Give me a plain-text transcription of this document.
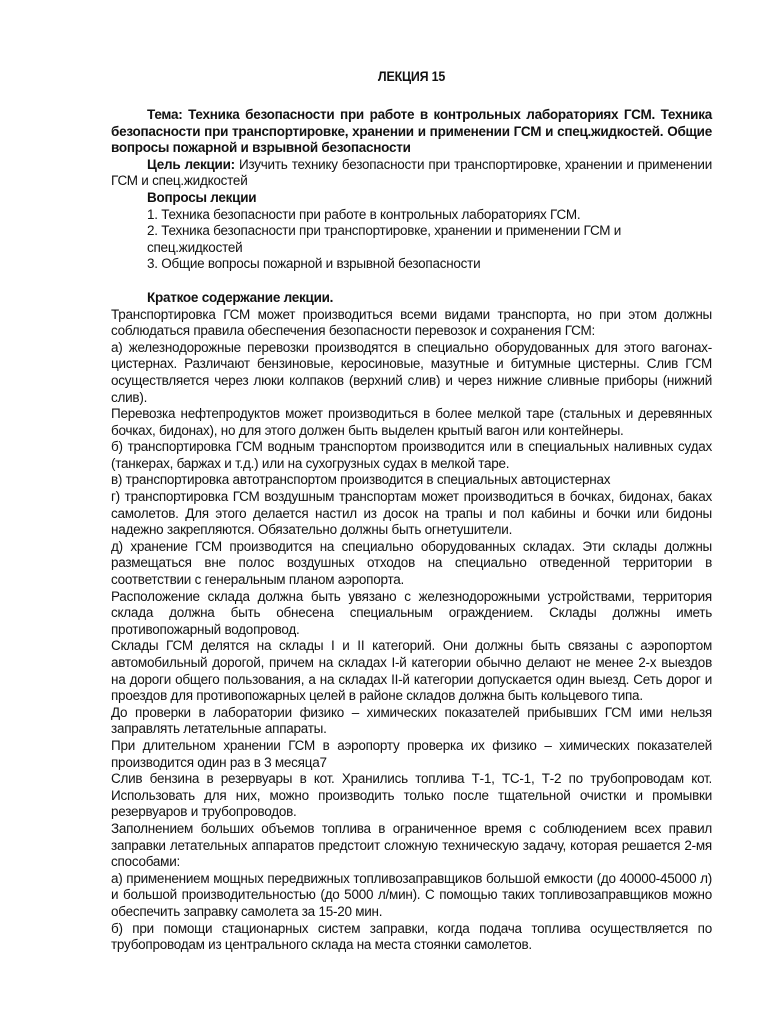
ЛЕКЦИЯ 15

Тема: Техника безопасности при работе в контрольных лабораториях ГСМ. Техника безопасности при транспортировке, хранении и применении ГСМ и спец.жидкостей. Общие вопросы пожарной и взрывной безопасности

Цель лекции: Изучить технику безопасности при транспортировке, хранении и применении ГСМ и спец.жидкостей

Вопросы лекции

1. Техника безопасности при работе в контрольных лабораториях ГСМ.

2. Техника безопасности при транспортировке, хранении и применении ГСМ и спец.жидкостей

3. Общие вопросы пожарной и взрывной безопасности

Краткое содержание лекции.

Транспортировка ГСМ может производиться всеми видами транспорта, но при этом должны соблюдаться правила обеспечения безопасности перевозок и сохранения ГСМ:

а) железнодорожные перевозки производятся в специально оборудованных для этого вагонах-цистернах. Различают бензиновые, керосиновые, мазутные и битумные цистерны. Слив ГСМ осуществляется через люки колпаков (верхний слив) и через нижние сливные приборы (нижний слив).

Перевозка нефтепродуктов может производиться в более мелкой таре (стальных и деревянных бочках, бидонах), но для этого должен быть выделен крытый вагон или контейнеры.

б) транспортировка ГСМ водным транспортом производится или в специальных наливных судах (танкерах, баржах и т.д.) или на сухогрузных судах в мелкой таре.

в) транспортировка автотранспортом производится в специальных автоцистернах

г) транспортировка ГСМ воздушным транспортам может производиться в бочках, бидонах, баках самолетов. Для этого делается настил из досок на трапы и пол кабины и бочки или бидоны надежно закрепляются. Обязательно должны быть огнетушители.

д) хранение ГСМ производится на специально оборудованных складах. Эти склады должны размещаться вне полос воздушных отходов на специально отведенной территории в соответствии с генеральным планом аэропорта.

Расположение склада должна быть увязано с железнодорожными устройствами, территория склада должна быть обнесена специальным ограждением. Склады должны иметь противопожарный водопровод.

Склады ГСМ делятся на склады I и II категорий. Они должны быть связаны с аэропортом автомобильный дорогой, причем на складах I-й категории обычно делают не менее 2-х выездов на дороги общего пользования, а на складах II-й категории допускается один выезд. Сеть дорог и проездов для противопожарных целей в районе складов должна быть кольцевого типа.

До проверки в лаборатории физико – химических показателей прибывших ГСМ ими нельзя заправлять летательные аппараты.

При длительном хранении ГСМ в аэропорту проверка их физико – химических показателей производится один раз в 3 месяца7

Слив бензина в резервуары в кот. Хранились топлива Т-1, ТС-1, Т-2 по трубопроводам кот. Использовать для них, можно производить только после тщательной очистки и промывки резервуаров и трубопроводов.

Заполнением больших объемов топлива в ограниченное время с соблюдением всех правил заправки летательных аппаратов предстоит сложную техническую задачу, которая решается 2-мя способами:

а) применением мощных передвижных топливозаправщиков большой емкости (до 40000-45000 л) и большой производительностью (до 5000 л/мин). С помощью таких топливозаправщиков можно обеспечить заправку самолета за 15-20 мин.

б) при помощи стационарных систем заправки, когда подача топлива осуществляется по трубопроводам из центрального склада на места стоянки самолетов.
